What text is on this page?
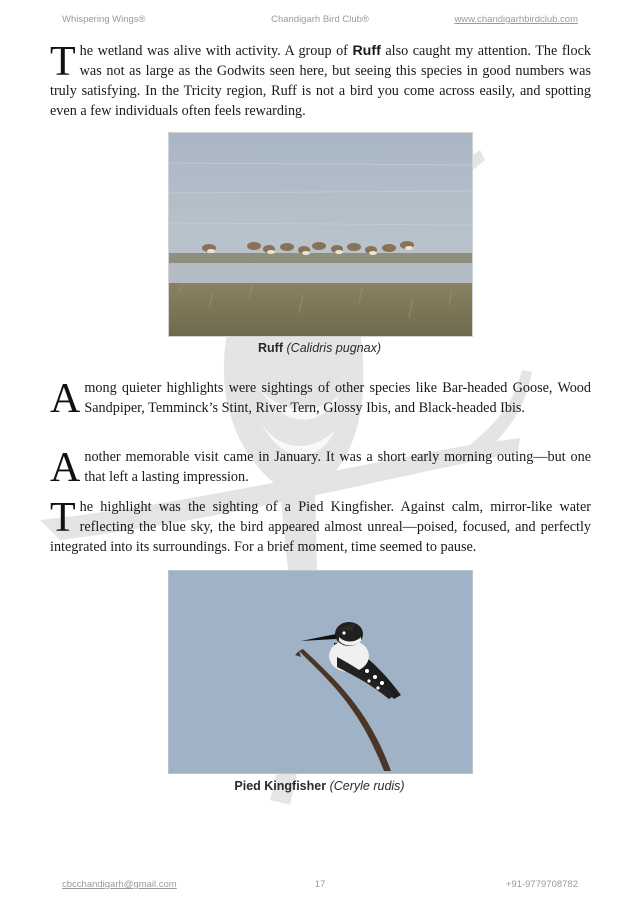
Whispering Wings®	Chandigarh Bird Club®	www.chandigarhbirdclub.com

The wetland was alive with activity. A group of Ruff also caught my attention. The flock was not as large as the Godwits seen here, but seeing this species in good numbers was truly satisfying. In the Tricity region, Ruff is not a bird you come across easily, and spotting even a few individuals often feels rewarding.

Ruff (Calidris pugnax)

Among quieter highlights were sightings of other species like Bar-headed Goose, Wood Sandpiper, Temminck’s Stint, River Tern, Glossy Ibis, and Black-headed Ibis.

Another memorable visit came in January. It was a short early morning outing—but one that left a lasting impression.

The highlight was the sighting of a Pied Kingfisher. Against calm, mirror-like water reflecting the blue sky, the bird appeared almost unreal—poised, focused, and perfectly integrated into its surroundings. For a brief moment, time seemed to pause.

Pied Kingfisher (Ceryle rudis)
cbcchandigarh@gmail.com	17	+91-9779708782
